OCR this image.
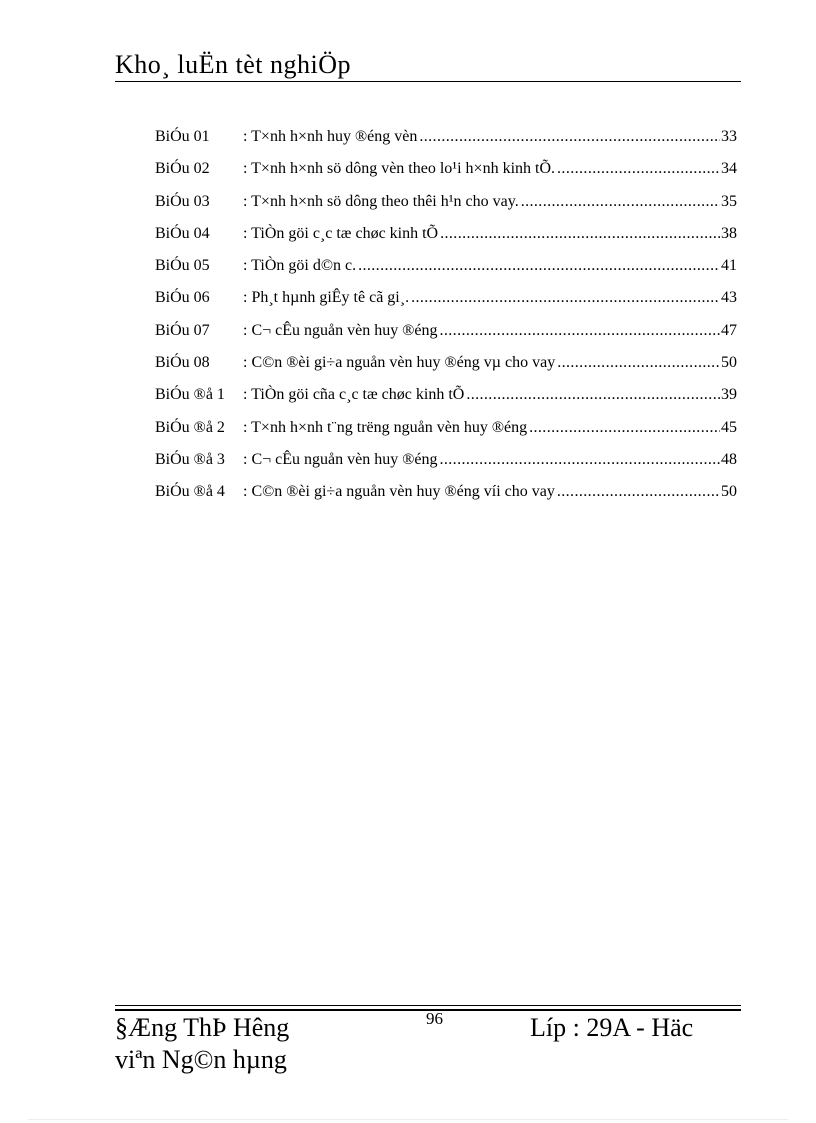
Kho¸ luËn tèt nghiÖp
BiÓu 01	: T×nh h×nh huy ®éng vèn .....	33
BiÓu 02	: T×nh h×nh sö dông vèn theo lo¹i h×nh kinh tÕ. .....	34
BiÓu 03	: T×nh h×nh sö dông theo thêi h¹n cho vay. .....	35
BiÓu 04	: TiÒn göi c¸c tæ chøc kinh tÕ .....	38
BiÓu 05	: TiÒn göi d©n c. .....	41
BiÓu 06	: Ph¸t hµnh giÊy tê cã gi¸. .....	43
BiÓu 07	: C¬ cÊu nguån vèn huy ®éng .....	47
BiÓu 08	: C©n ®èi gi÷a nguån vèn huy ®éng vµ cho vay .....	50
BiÓu ®å 1	: TiÒn göi cña c¸c tæ chøc kinh tÕ .....	39
BiÓu ®å 2	: T×nh h×nh t¨ng trëng nguån vèn huy ®éng .....	45
BiÓu ®å 3	: C¬ cÊu nguån vèn huy ®éng .....	48
BiÓu ®å 4	: C©n ®èi gi÷a nguån vèn huy ®éng víi cho vay .....	50
§Æng ThÞ Hêng
viªn Ng©n hµng
96	Líp : 29A - Häc
